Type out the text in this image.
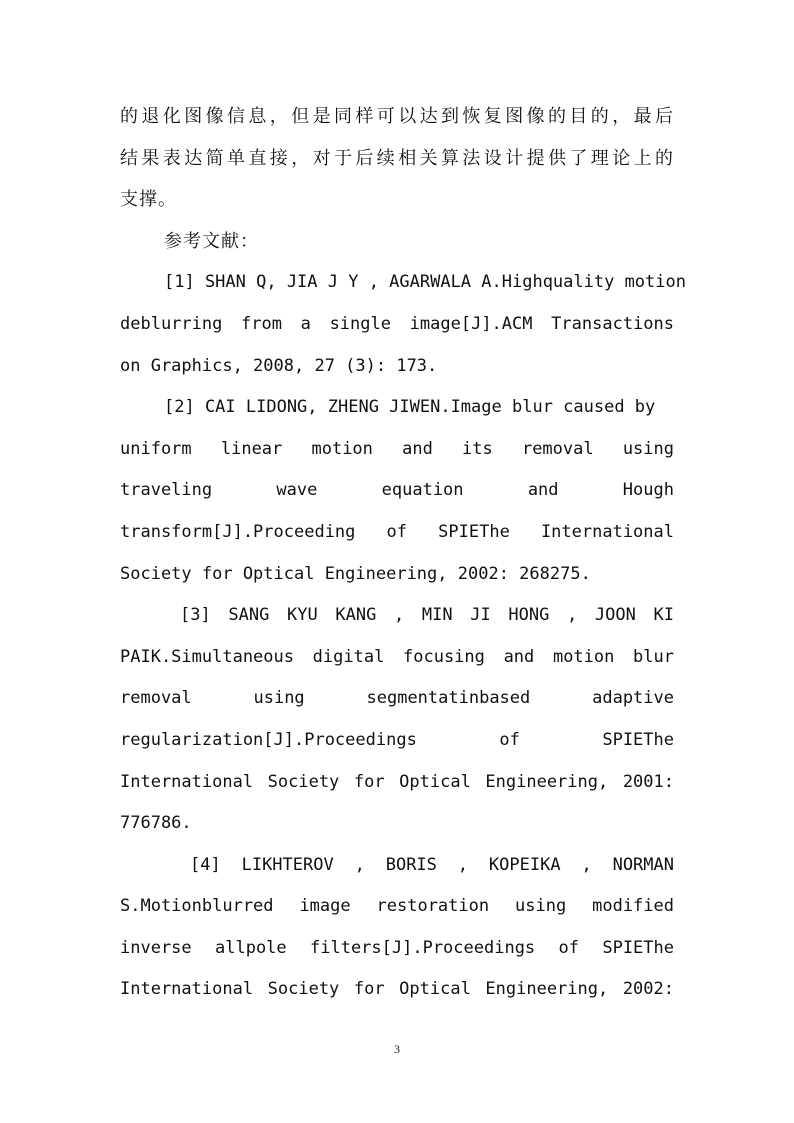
的退化图像信息，但是同样可以达到恢复图像的目的，最后
结果表达简单直接，对于后续相关算法设计提供了理论上的
支撑。
参考文献：
[1] SHAN Q, JIA J Y , AGARWALA A.Highquality motion
deblurring from a single image[J].ACM Transactions
on Graphics, 2008, 27 (3): 173.
[2] CAI LIDONG, ZHENG JIWEN.Image blur caused by
uniform linear motion and its removal using
traveling wave equation and Hough
transform[J].Proceeding of SPIEThe International
Society for Optical Engineering, 2002: 268275.
[3] SANG KYU KANG , MIN JI HONG , JOON KI
PAIK.Simultaneous digital focusing and motion blur
removal using segmentatinbased adaptive
regularization[J].Proceedings of SPIEThe
International Society for Optical Engineering, 2001:
776786.
[4] LIKHTEROV , BORIS , KOPEIKA , NORMAN
S.Motionblurred image restoration using modified
inverse allpole filters[J].Proceedings of SPIEThe
International Society for Optical Engineering, 2002:
3
